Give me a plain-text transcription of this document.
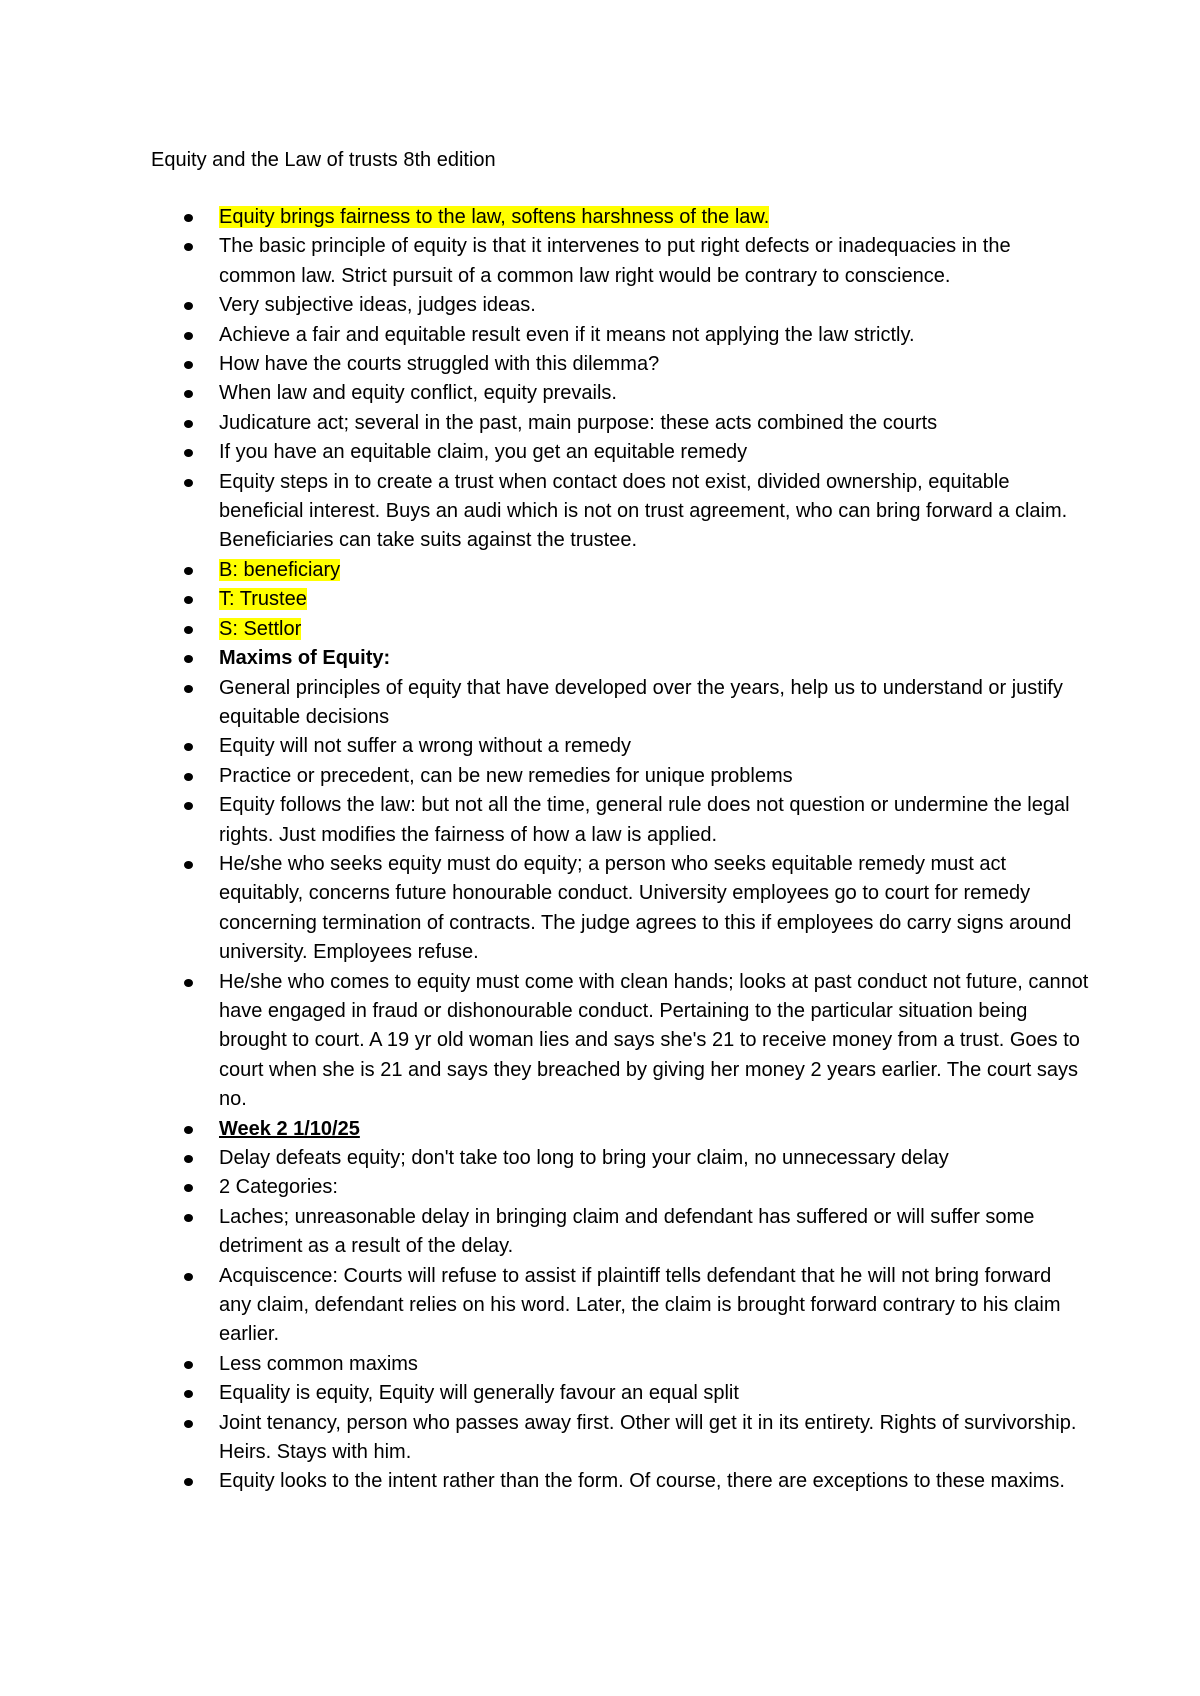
Equity and the Law of trusts 8th edition
Equity brings fairness to the law, softens harshness of the law.
The basic principle of equity is that it intervenes to put right defects or inadequacies in the common law. Strict pursuit of a common law right would be contrary to conscience.
Very subjective ideas, judges ideas.
Achieve a fair and equitable result even if it means not applying the law strictly.
How have the courts struggled with this dilemma?
When law and equity conflict, equity prevails.
Judicature act; several in the past, main purpose: these acts combined the courts
If you have an equitable claim, you get an equitable remedy
Equity steps in to create a trust when contact does not exist, divided ownership, equitable beneficial interest. Buys an audi which is not on trust agreement, who can bring forward a claim. Beneficiaries can take suits against the trustee.
B: beneficiary
T: Trustee
S: Settlor
Maxims of Equity:
General principles of equity that have developed over the years, help us to understand or justify equitable decisions
Equity will not suffer a wrong without a remedy
Practice or precedent, can be new remedies for unique problems
Equity follows the law: but not all the time, general rule does not question or undermine the legal rights. Just modifies the fairness of how a law is applied.
He/she who seeks equity must do equity; a person who seeks equitable remedy must act equitably, concerns future honourable conduct. University employees go to court for remedy concerning termination of contracts. The judge agrees to this if employees do carry signs around university. Employees refuse.
He/she who comes to equity must come with clean hands; looks at past conduct not future, cannot have engaged in fraud or dishonourable conduct. Pertaining to the particular situation being brought to court. A 19 yr old woman lies and says she's 21 to receive money from a trust. Goes to court when she is 21 and says they breached by giving her money 2 years earlier. The court says no.
Week 2 1/10/25
Delay defeats equity; don't take too long to bring your claim, no unnecessary delay
2 Categories:
Laches; unreasonable delay in bringing claim and defendant has suffered or will suffer some detriment as a result of the delay.
Acquiscence: Courts will refuse to assist if plaintiff tells defendant that he will not bring forward any claim, defendant relies on his word. Later, the claim is brought forward contrary to his claim earlier.
Less common maxims
Equality is equity, Equity will generally favour an equal split
Joint tenancy, person who passes away first. Other will get it in its entirety. Rights of survivorship. Heirs. Stays with him.
Equity looks to the intent rather than the form. Of course, there are exceptions to these maxims.
